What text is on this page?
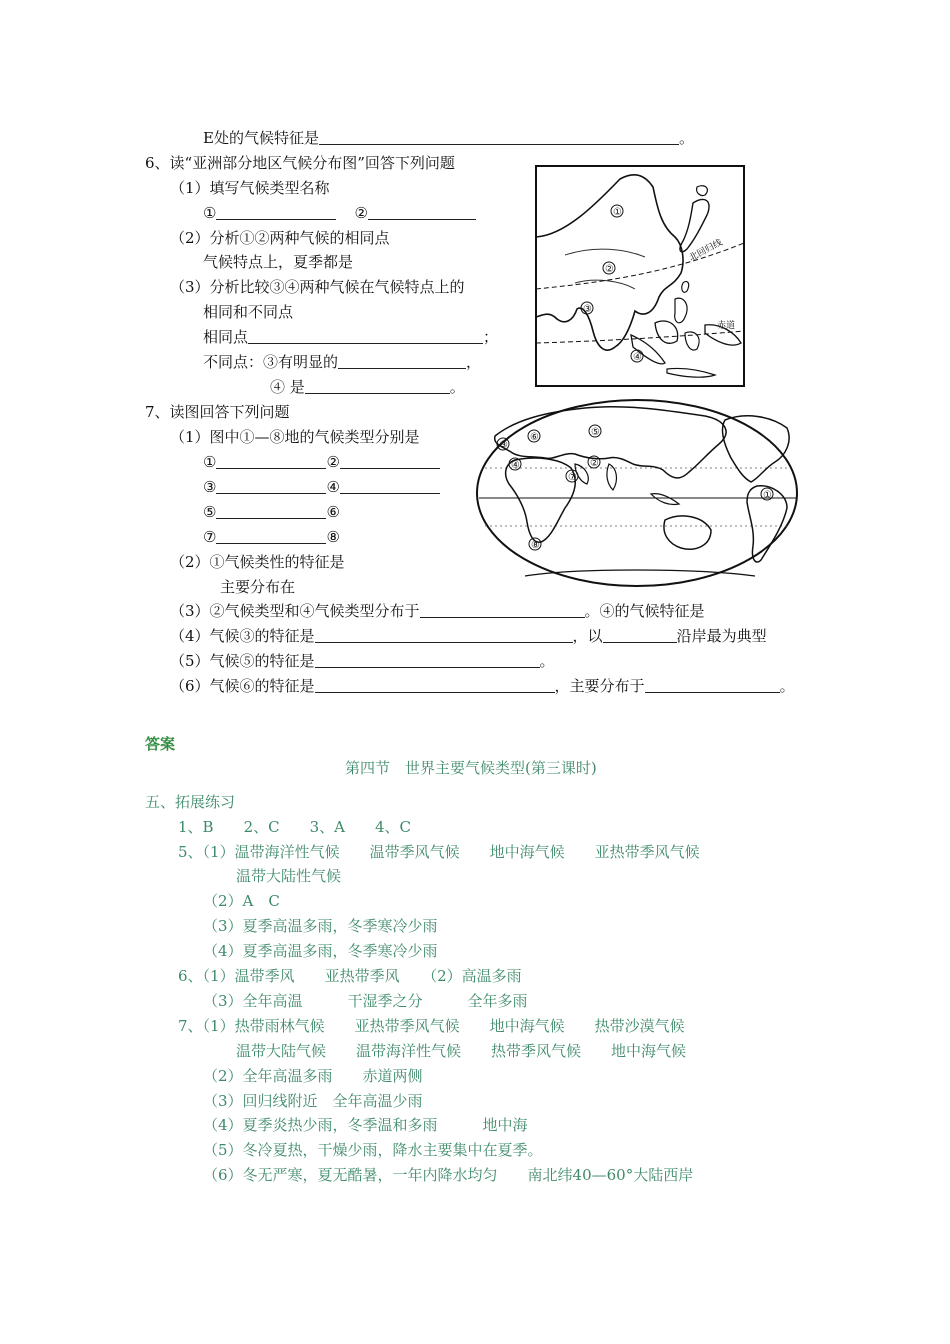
E处的气候特征是	。
6、读“亚洲部分地区气候分布图”回答下列问题
（1）填写气候类型名称
①	②
（2）分析①②两种气候的相同点
气候特点上，夏季都是
（3）分析比较③④两种气候在气候特点上的
相同和不同点
相同点	；
不同点：③有明显的	，
④ 是	。
①
②
③
④
北回归线
赤道
7、读图回答下列问题
（1）图中①—⑧地的气候类型分别是
①	②
③	④
⑤	⑥
⑦	⑧
（2）①气候类性的特征是
主要分布在
（3）②气候类型和④气候类型分布于	。④的气候特征是
（4）气候③的特征是	，以	沿岸最为典型
（5）气候⑤的特征是	。
（6）气候⑥的特征是	，主要分布于	。
①
②
③
④
⑤
⑥
⑦
⑧
答案
第四节　世界主要气候类型(第三课时)
五、拓展练习
1、B　　2、C　　3、A　　4、C
5、（1）温带海洋性气候　　温带季风气候　　地中海气候　　亚热带季风气候
温带大陆性气候
（2）A　C
（3）夏季高温多雨，冬季寒冷少雨
（4）夏季高温多雨，冬季寒冷少雨
6、（1）温带季风　　亚热带季风　　（2）高温多雨
（3）全年高温　　　干湿季之分　　　全年多雨
7、（1）热带雨林气候　　亚热带季风气候　　地中海气候　　热带沙漠气候
温带大陆气候　　温带海洋性气候　　热带季风气候　　地中海气候
（2）全年高温多雨　　赤道两侧
（3）回归线附近　全年高温少雨
（4）夏季炎热少雨，冬季温和多雨　　　地中海
（5）冬冷夏热，干燥少雨，降水主要集中在夏季。
（6）冬无严寒，夏无酷暑，一年内降水均匀　　南北纬40—60°大陆西岸
